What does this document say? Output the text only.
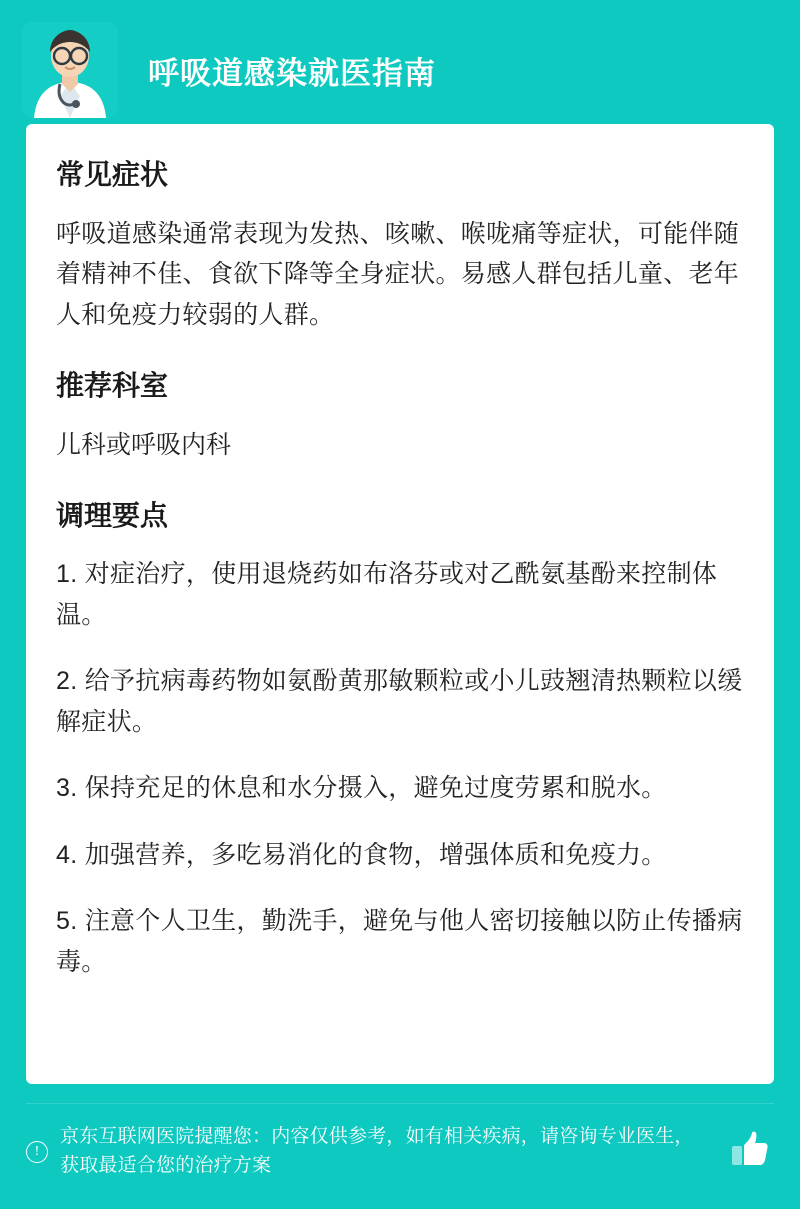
呼吸道感染就医指南
常见症状

呼吸道感染通常表现为发热、咳嗽、喉咙痛等症状，可能伴随着精神不佳、食欲下降等全身症状。易感人群包括儿童、老年人和免疫力较弱的人群。

推荐科室

儿科或呼吸内科

调理要点

1. 对症治疗，使用退烧药如布洛芬或对乙酰氨基酚来控制体温。

2. 给予抗病毒药物如氨酚黄那敏颗粒或小儿豉翘清热颗粒以缓解症状。

3. 保持充足的休息和水分摄入，避免过度劳累和脱水。

4. 加强营养，多吃易消化的食物，增强体质和免疫力。

5. 注意个人卫生，勤洗手，避免与他人密切接触以防止传播病毒。

!
京东互联网医院提醒您：内容仅供参考，如有相关疾病，请咨询专业医生，获取最适合您的治疗方案
